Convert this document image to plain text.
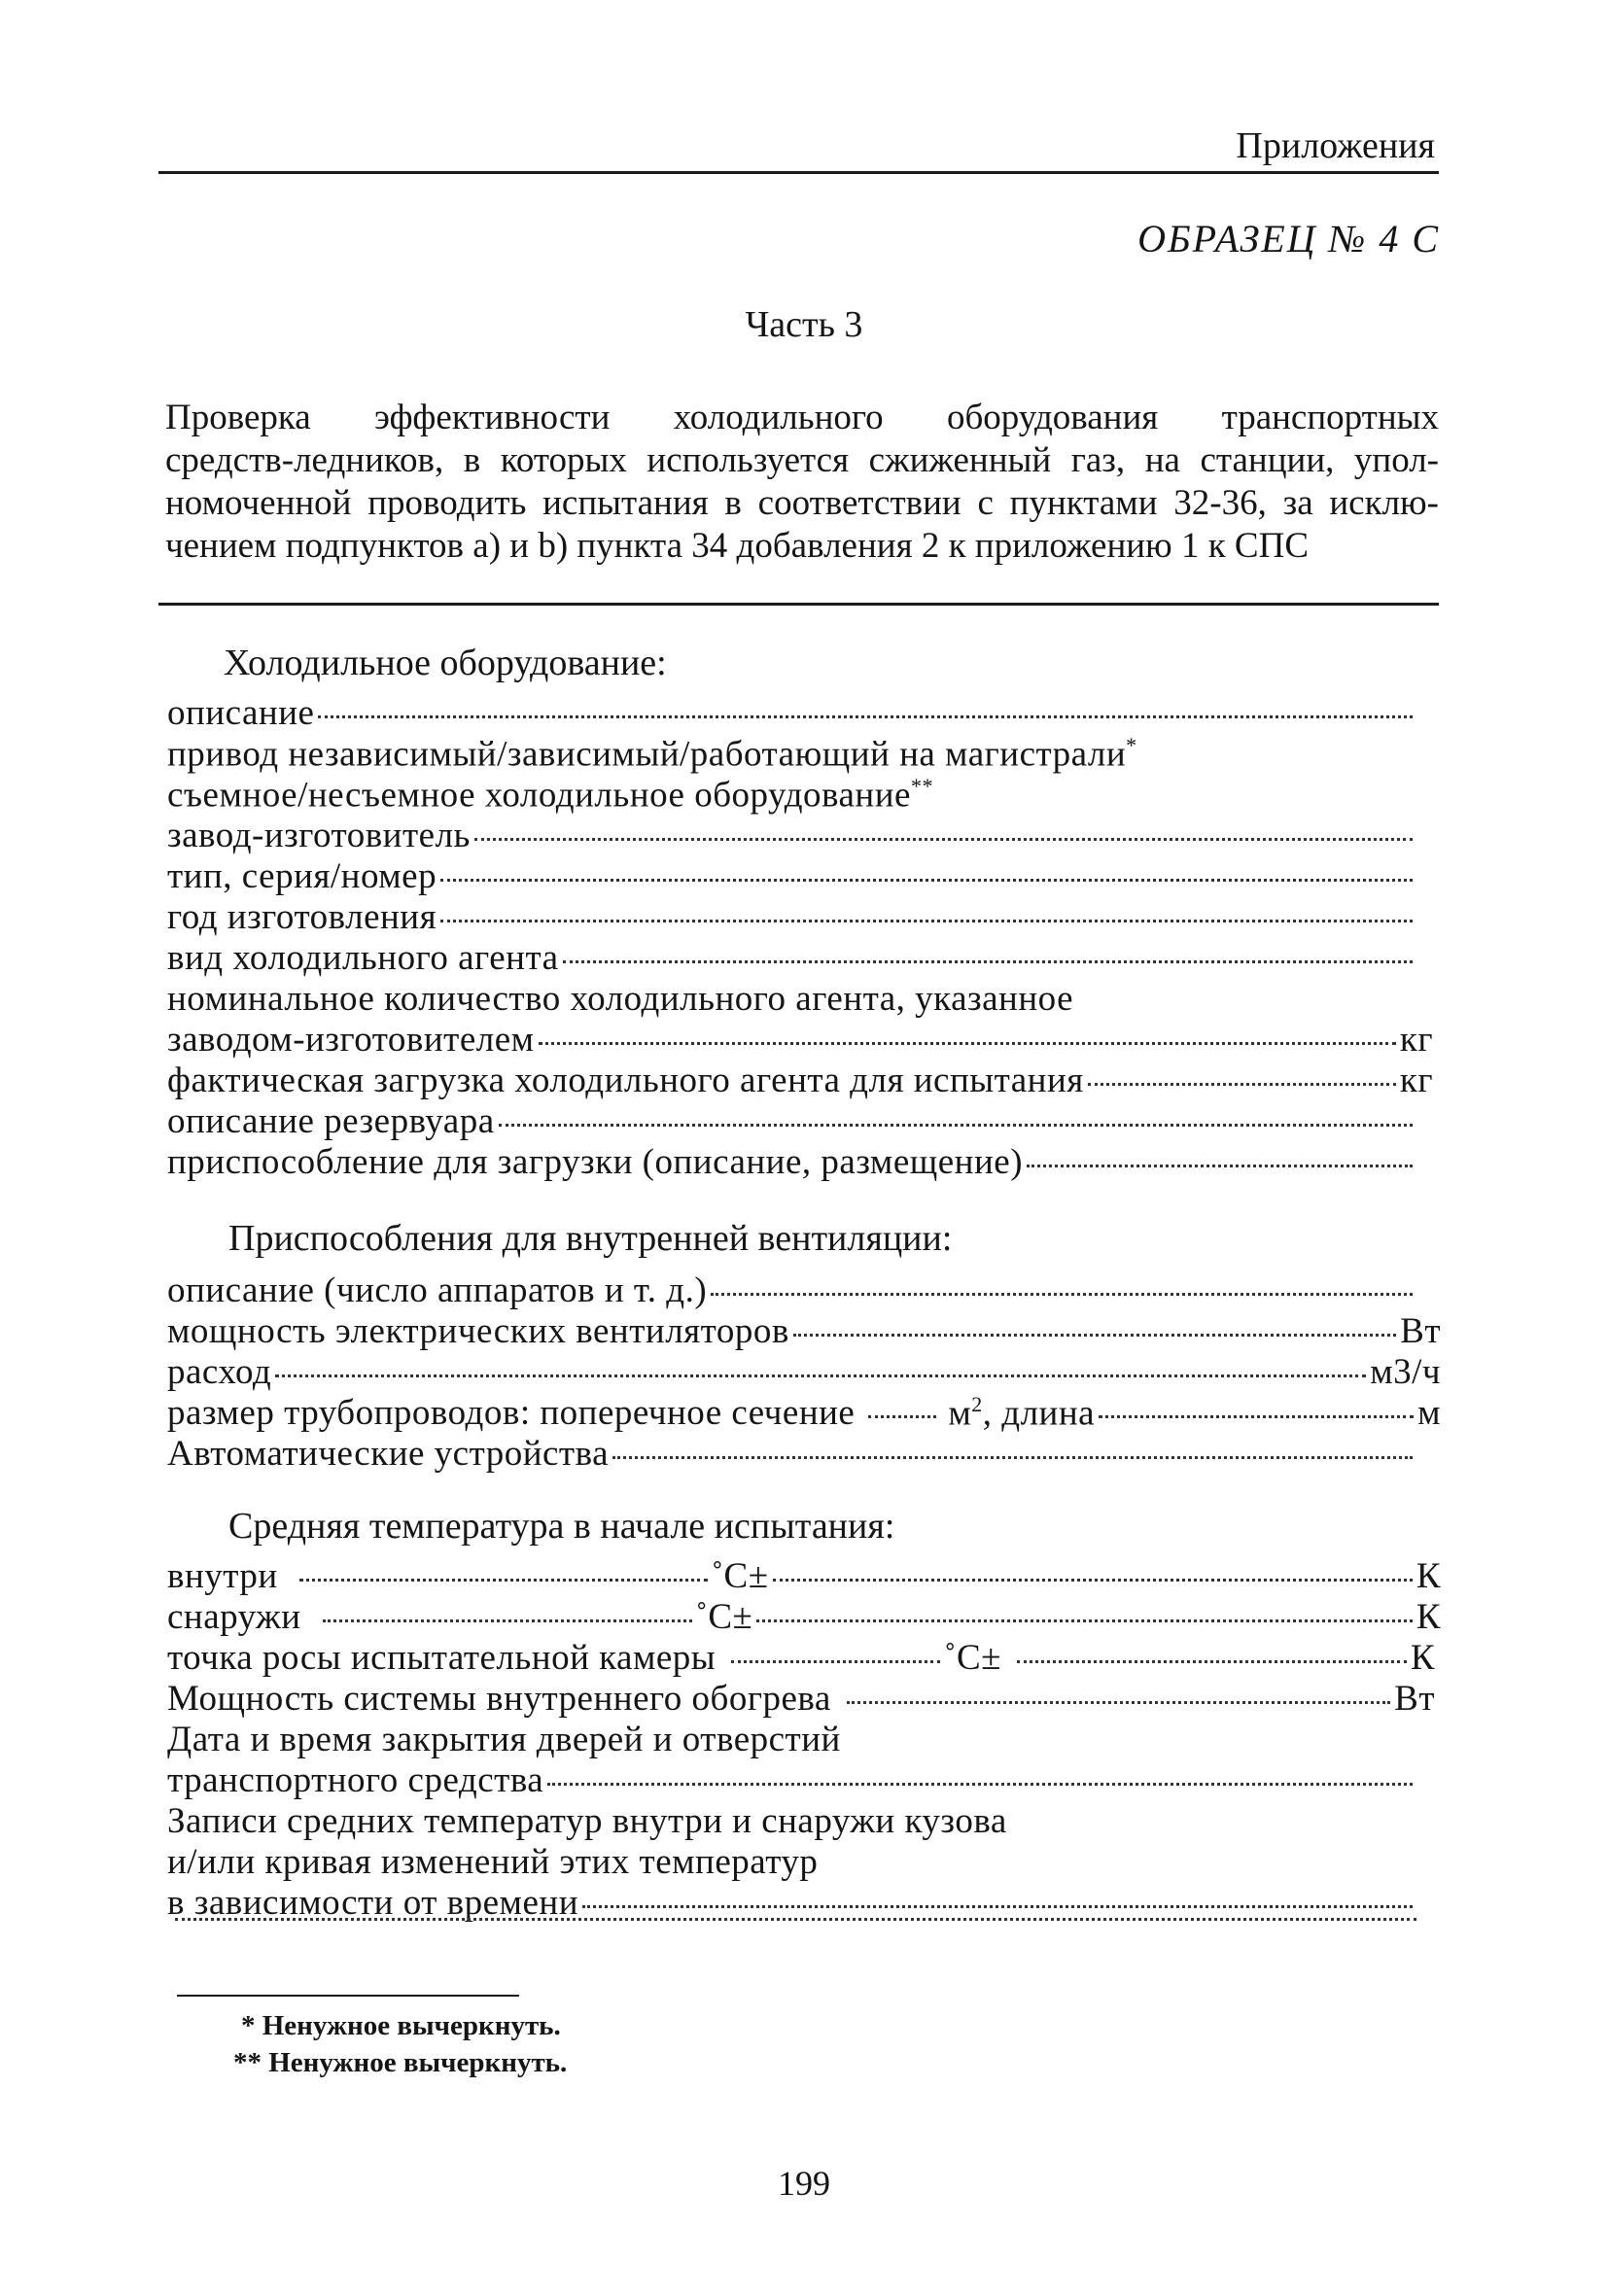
Приложения
ОБРАЗЕЦ № 4 С
Часть 3
Проверка эффективности холодильного оборудования транспортных
средств-ледников, в которых используется сжиженный газ, на станции, упол-
номоченной проводить испытания в соответствии с пунктами 32-36, за исклю-
чением подпунктов а) и b) пункта 34 добавления 2 к приложению 1 к СПС
Холодильное оборудование:
описание
привод независимый/зависимый/работающий на магистрали*
съемное/несъемное холодильное оборудование**
завод-изготовитель
тип, серия/номер
год изготовления
вид холодильного агента
номинальное количество холодильного агента, указанное
заводом-изготовителем	кг
фактическая загрузка холодильного агента для испытания	кг
описание резервуара
приспособление для загрузки (описание, размещение)
Приспособления для внутренней вентиляции:
описание (число аппаратов и т. д.)
мощность электрических вентиляторов	Вт
расход	м3/ч
размер трубопроводов: поперечное сечение	$м^2$, длина	м
Автоматические устройства
Средняя температура в начале испытания:
внутри	˚С±	К
снаружи	˚С±	К
точка росы испытательной камеры	˚С±	К
Мощность системы внутреннего обогрева	Вт
Дата и время закрытия дверей и отверстий
транспортного средства
Записи средних температур внутри и снаружи кузова
и/или кривая изменений этих температур
в зависимости от времени
* Ненужное вычеркнуть.
** Ненужное вычеркнуть.
199
